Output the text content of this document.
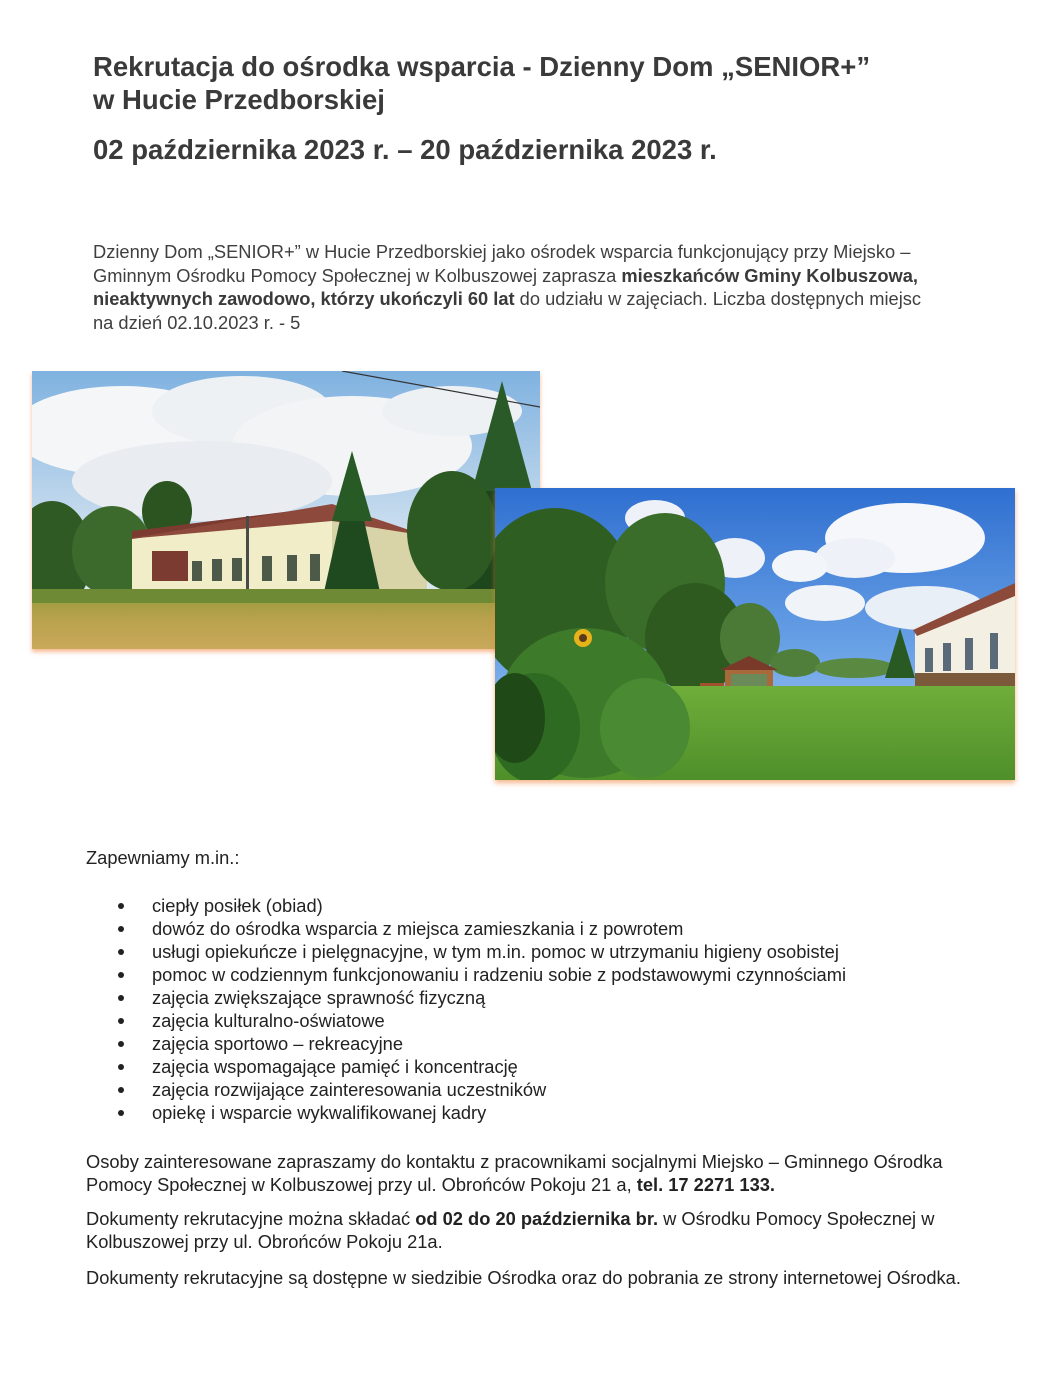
Rekrutacja do ośrodka wsparcia - Dzienny Dom „SENIOR+”
w Hucie Przedborskiej
02 października 2023 r. – 20 października 2023 r.

Dzienny Dom „SENIOR+” w Hucie Przedborskiej jako ośrodek wsparcia funkcjonujący przy Miejsko – Gminnym Ośrodku Pomocy Społecznej w Kolbuszowej zaprasza mieszkańców Gminy Kolbuszowa, nieaktywnych zawodowo, którzy ukończyli 60 lat do udziału w zajęciach. Liczba dostępnych miejsc na dzień 02.10.2023 r. - 5

Zapewniamy m.in.:

ciepły posiłek (obiad)
dowóz do ośrodka wsparcia z miejsca zamieszkania i z powrotem
usługi opiekuńcze i pielęgnacyjne, w tym m.in. pomoc w utrzymaniu higieny osobistej
pomoc w codziennym funkcjonowaniu i radzeniu sobie z podstawowymi czynnościami
zajęcia zwiększające sprawność fizyczną
zajęcia kulturalno-oświatowe
zajęcia sportowo – rekreacyjne
zajęcia wspomagające pamięć i koncentrację
zajęcia rozwijające zainteresowania uczestników
opiekę i wsparcie wykwalifikowanej kadry

Osoby zainteresowane zapraszamy do kontaktu z pracownikami socjalnymi Miejsko – Gminnego Ośrodka Pomocy Społecznej w Kolbuszowej przy ul. Obrońców Pokoju 21 a, tel. 17 2271 133.

Dokumenty rekrutacyjne można składać od 02 do 20 października br. w Ośrodku Pomocy Społecznej w Kolbuszowej przy ul. Obrońców Pokoju 21a.

Dokumenty rekrutacyjne są dostępne w siedzibie Ośrodka oraz do pobrania ze strony internetowej Ośrodka.
